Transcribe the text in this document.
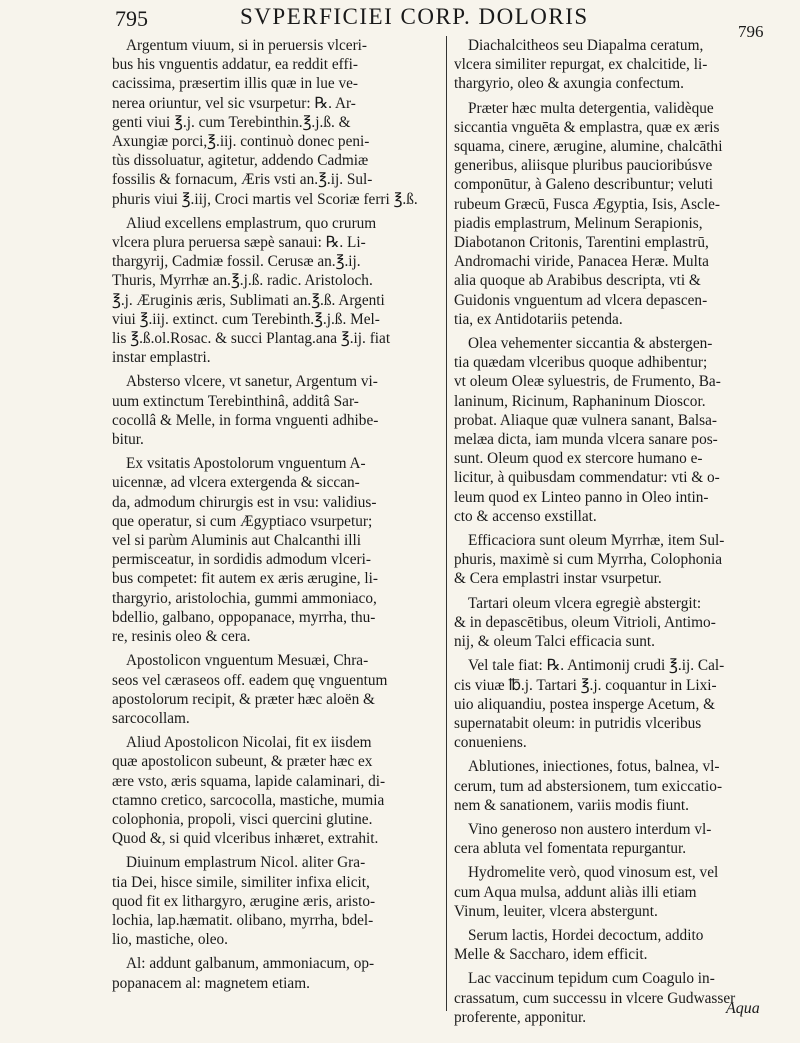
795	SVPERFICIEI CORP. DOLORIS
796

Argentum viuum, si in peruersis vlceri-
bus his vnguentis addatur, ea reddit effi-
cacissima, præsertim illis quæ in lue ve-
nerea oriuntur, vel sic vsurpetur: ℞. Ar-
genti viui ℥.j. cum Terebinthin.℥.j.ß. &
Axungiæ porci,℥.iij. continuò donec peni-
tùs dissoluatur, agitetur, addendo Cadmiæ
fossilis & fornacum, Æris vsti an.℥.ij. Sul-
phuris viui ℥.iij, Croci martis vel Scoriæ ferri ℥.ß.

Aliud excellens emplastrum, quo crurum
vlcera plura peruersa sæpè sanaui: ℞. Li-
thargyrij, Cadmiæ fossil. Cerusæ an.℥.ij.
Thuris, Myrrhæ an.℥.j.ß. radic. Aristoloch.
℥.j. Æruginis æris, Sublimati an.℥.ß. Argenti
viui ℥.iij. extinct. cum Terebinth.℥.j.ß. Mel-
lis ℥.ß.ol.Rosac. & succi Plantag.ana ℥.ij. fiat
instar emplastri.

Absterso vlcere, vt sanetur, Argentum vi-
uum extinctum Terebinthinâ, additâ Sar-
cocollâ & Melle, in forma vnguenti adhibe-
bitur.

Ex vsitatis Apostolorum vnguentum A-
uicennæ, ad vlcera extergenda & siccan-
da, admodum chirurgis est in vsu: validius-
que operatur, si cum Ægyptiaco vsurpetur;
vel si parùm Aluminis aut Chalcanthi illi
permisceatur, in sordidis admodum vlceri-
bus competet: fit autem ex æris ærugine, li-
thargyrio, aristolochia, gummi ammoniaco,
bdellio, galbano, oppopanace, myrrha, thu-
re, resinis oleo & cera.

Apostolicon vnguentum Mesuæi, Chra-
seos vel cæraseos off. eadem quę vnguentum
apostolorum recipit, & præter hæc aloën &
sarcocollam.

Aliud Apostolicon Nicolai, fit ex iisdem
quæ apostolicon subeunt, & præter hæc ex
ære vsto, æris squama, lapide calaminari, di-
ctamno cretico, sarcocolla, mastiche, mumia
colophonia, propoli, visci quercini glutine.
Quod &, si quid vlceribus inhæret, extrahit.

Diuinum emplastrum Nicol. aliter Gra-
tia Dei, hisce simile, similiter infixa elicit,
quod fit ex lithargyro, ærugine æris, aristo-
lochia, lap.hæmatit. olibano, myrrha, bdel-
lio, mastiche, oleo.

Al: addunt galbanum, ammoniacum, op-
popanacem al: magnetem etiam.

Diachalcitheos seu Diapalma ceratum,
vlcera similiter repurgat, ex chalcitide, li-
thargyrio, oleo & axungia confectum.

Præter hæc multa detergentia, validèque
siccantia vnguēta & emplastra, quæ ex æris
squama, cinere, ærugine, alumine, chalcāthi
generibus, aliisque pluribus paucioribúsve
componūtur, à Galeno describuntur; veluti
rubeum Græcū, Fusca Ægyptia, Isis, Ascle-
piadis emplastrum, Melinum Serapionis,
Diabotanon Critonis, Tarentini emplastrū,
Andromachi viride, Panacea Heræ. Multa
alia quoque ab Arabibus descripta, vti &
Guidonis vnguentum ad vlcera depascen-
tia, ex Antidotariis petenda.

Olea vehementer siccantia & abstergen-
tia quædam vlceribus quoque adhibentur;
vt oleum Oleæ syluestris, de Frumento, Ba-
laninum, Ricinum, Raphaninum Dioscor.
probat. Aliaque quæ vulnera sanant, Balsa-
melæa dicta, iam munda vlcera sanare pos-
sunt. Oleum quod ex stercore humano e-
licitur, à quibusdam commendatur: vti & o-
leum quod ex Linteo panno in Oleo intin-
cto & accenso exstillat.

Efficaciora sunt oleum Myrrhæ, item Sul-
phuris, maximè si cum Myrrha, Colophonia
& Cera emplastri instar vsurpetur.

Tartari oleum vlcera egregiè abstergit:
& in depascētibus, oleum Vitrioli, Antimo-
nij, & oleum Talci efficacia sunt.

Vel tale fiat: ℞. Antimonij crudi ℥.ij. Cal-
cis viuæ ℔.j. Tartari ℥.j. coquantur in Lixi-
uio aliquandiu, postea insperge Acetum, &
supernatabit oleum: in putridis vlceribus
conueniens.

Ablutiones, iniectiones, fotus, balnea, vl-
cerum, tum ad abstersionem, tum exiccatio-
nem & sanationem, variis modis fiunt.

Vino generoso non austero interdum vl-
cera abluta vel fomentata repurgantur.

Hydromelite verò, quod vinosum est, vel
cum Aqua mulsa, addunt aliàs illi etiam
Vinum, leuiter, vlcera abstergunt.

Serum lactis, Hordei decoctum, addito
Melle & Saccharo, idem efficit.

Lac vaccinum tepidum cum Coagulo in-
crassatum, cum successu in vlcere Gudwasser
proferente, apponitur.

Aqua
